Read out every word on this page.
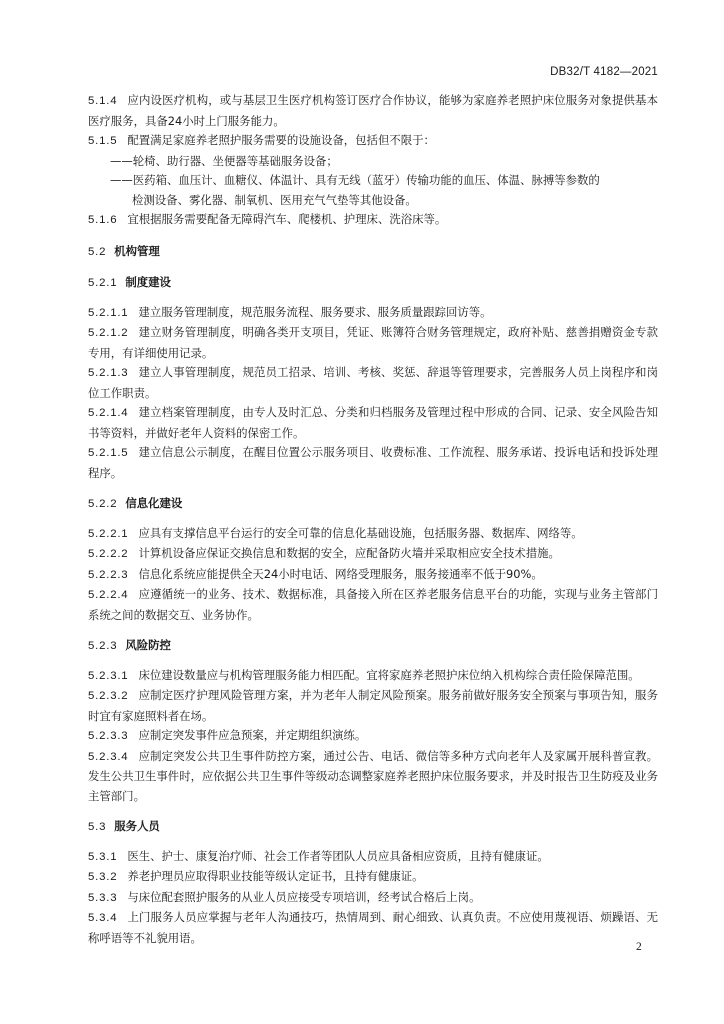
DB32/T 4182—2021

5.1.4 应内设医疗机构，或与基层卫生医疗机构签订医疗合作协议，能够为家庭养老照护床位服务对象提供基本医疗服务，具备24小时上门服务能力。

5.1.5 配置满足家庭养老照护服务需要的设施设备，包括但不限于：

——轮椅、助行器、坐便器等基础服务设备；
——医药箱、血压计、血糖仪、体温计、具有无线（蓝牙）传输功能的血压、体温、脉搏等参数的
检测设备、雾化器、制氧机、医用充气气垫等其他设备。

5.1.6 宜根据服务需要配备无障碍汽车、爬楼机、护理床、洗浴床等。

5.2 机构管理
5.2.1 制度建设

5.2.1.1 建立服务管理制度，规范服务流程、服务要求、服务质量跟踪回访等。

5.2.1.2 建立财务管理制度，明确各类开支项目，凭证、账簿符合财务管理规定，政府补贴、慈善捐赠资金专款专用，有详细使用记录。

5.2.1.3 建立人事管理制度，规范员工招录、培训、考核、奖惩、辞退等管理要求，完善服务人员上岗程序和岗位工作职责。

5.2.1.4 建立档案管理制度，由专人及时汇总、分类和归档服务及管理过程中形成的合同、记录、安全风险告知书等资料，并做好老年人资料的保密工作。

5.2.1.5 建立信息公示制度，在醒目位置公示服务项目、收费标准、工作流程、服务承诺、投诉电话和投诉处理程序。

5.2.2 信息化建设

5.2.2.1 应具有支撑信息平台运行的安全可靠的信息化基础设施，包括服务器、数据库、网络等。

5.2.2.2 计算机设备应保证交换信息和数据的安全，应配备防火墙并采取相应安全技术措施。

5.2.2.3 信息化系统应能提供全天24小时电话、网络受理服务，服务接通率不低于90%。

5.2.2.4 应遵循统一的业务、技术、数据标准，具备接入所在区养老服务信息平台的功能，实现与业务主管部门系统之间的数据交互、业务协作。

5.2.3 风险防控

5.2.3.1 床位建设数量应与机构管理服务能力相匹配。宜将家庭养老照护床位纳入机构综合责任险保障范围。

5.2.3.2 应制定医疗护理风险管理方案，并为老年人制定风险预案。服务前做好服务安全预案与事项告知，服务时宜有家庭照料者在场。

5.2.3.3 应制定突发事件应急预案，并定期组织演练。

5.2.3.4 应制定突发公共卫生事件防控方案，通过公告、电话、微信等多种方式向老年人及家属开展科普宣教。发生公共卫生事件时，应依据公共卫生事件等级动态调整家庭养老照护床位服务要求，并及时报告卫生防疫及业务主管部门。

5.3 服务人员

5.3.1 医生、护士、康复治疗师、社会工作者等团队人员应具备相应资质，且持有健康证。

5.3.2 养老护理员应取得职业技能等级认定证书，且持有健康证。

5.3.3 与床位配套照护服务的从业人员应接受专项培训，经考试合格后上岗。

5.3.4 上门服务人员应掌握与老年人沟通技巧，热情周到、耐心细致、认真负责。不应使用蔑视语、烦躁语、无称呼语等不礼貌用语。

2
